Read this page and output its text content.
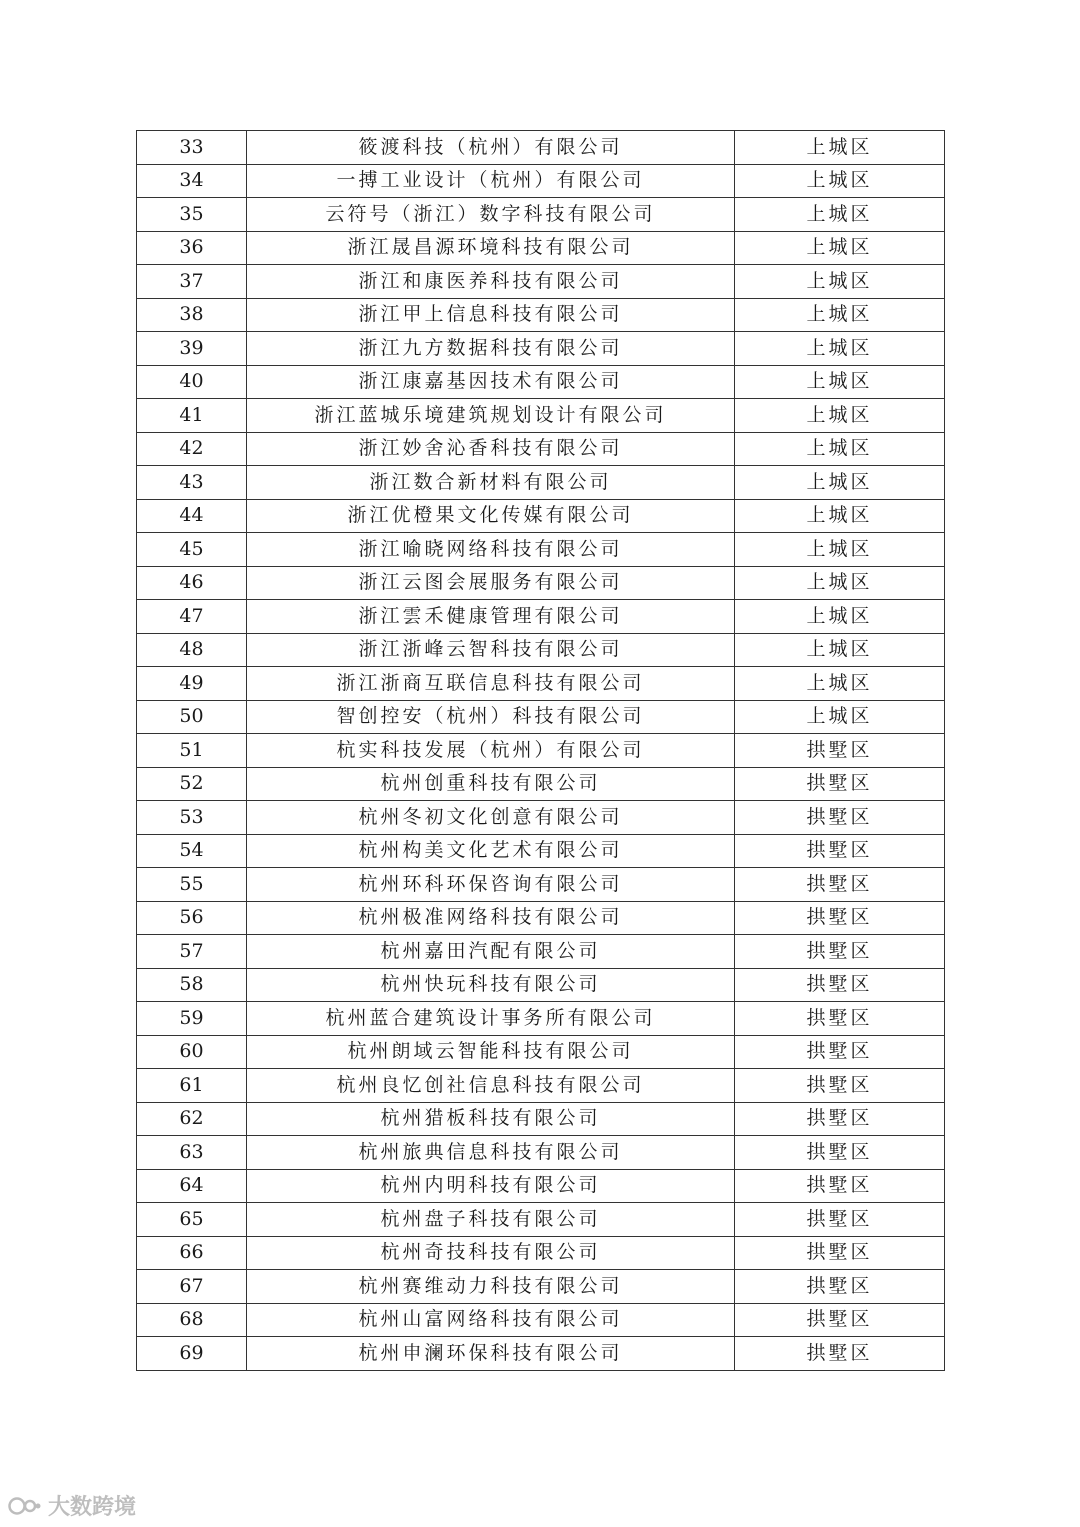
33	筱渡科技（杭州）有限公司	上城区
34	一搏工业设计（杭州）有限公司	上城区
35	云符号（浙江）数字科技有限公司	上城区
36	浙江晟昌源环境科技有限公司	上城区
37	浙江和康医养科技有限公司	上城区
38	浙江甲上信息科技有限公司	上城区
39	浙江九方数据科技有限公司	上城区
40	浙江康嘉基因技术有限公司	上城区
41	浙江蓝城乐境建筑规划设计有限公司	上城区
42	浙江妙舍沁香科技有限公司	上城区
43	浙江数合新材料有限公司	上城区
44	浙江优橙果文化传媒有限公司	上城区
45	浙江喻晓网络科技有限公司	上城区
46	浙江云图会展服务有限公司	上城区
47	浙江雲禾健康管理有限公司	上城区
48	浙江浙峰云智科技有限公司	上城区
49	浙江浙商互联信息科技有限公司	上城区
50	智创控安（杭州）科技有限公司	上城区
51	杭实科技发展（杭州）有限公司	拱墅区
52	杭州创重科技有限公司	拱墅区
53	杭州冬初文化创意有限公司	拱墅区
54	杭州构美文化艺术有限公司	拱墅区
55	杭州环科环保咨询有限公司	拱墅区
56	杭州极准网络科技有限公司	拱墅区
57	杭州嘉田汽配有限公司	拱墅区
58	杭州快玩科技有限公司	拱墅区
59	杭州蓝合建筑设计事务所有限公司	拱墅区
60	杭州朗域云智能科技有限公司	拱墅区
61	杭州良忆创社信息科技有限公司	拱墅区
62	杭州猎板科技有限公司	拱墅区
63	杭州旅典信息科技有限公司	拱墅区
64	杭州内明科技有限公司	拱墅区
65	杭州盘子科技有限公司	拱墅区
66	杭州奇技科技有限公司	拱墅区
67	杭州赛维动力科技有限公司	拱墅区
68	杭州山富网络科技有限公司	拱墅区
69	杭州申澜环保科技有限公司	拱墅区
大数跨境
